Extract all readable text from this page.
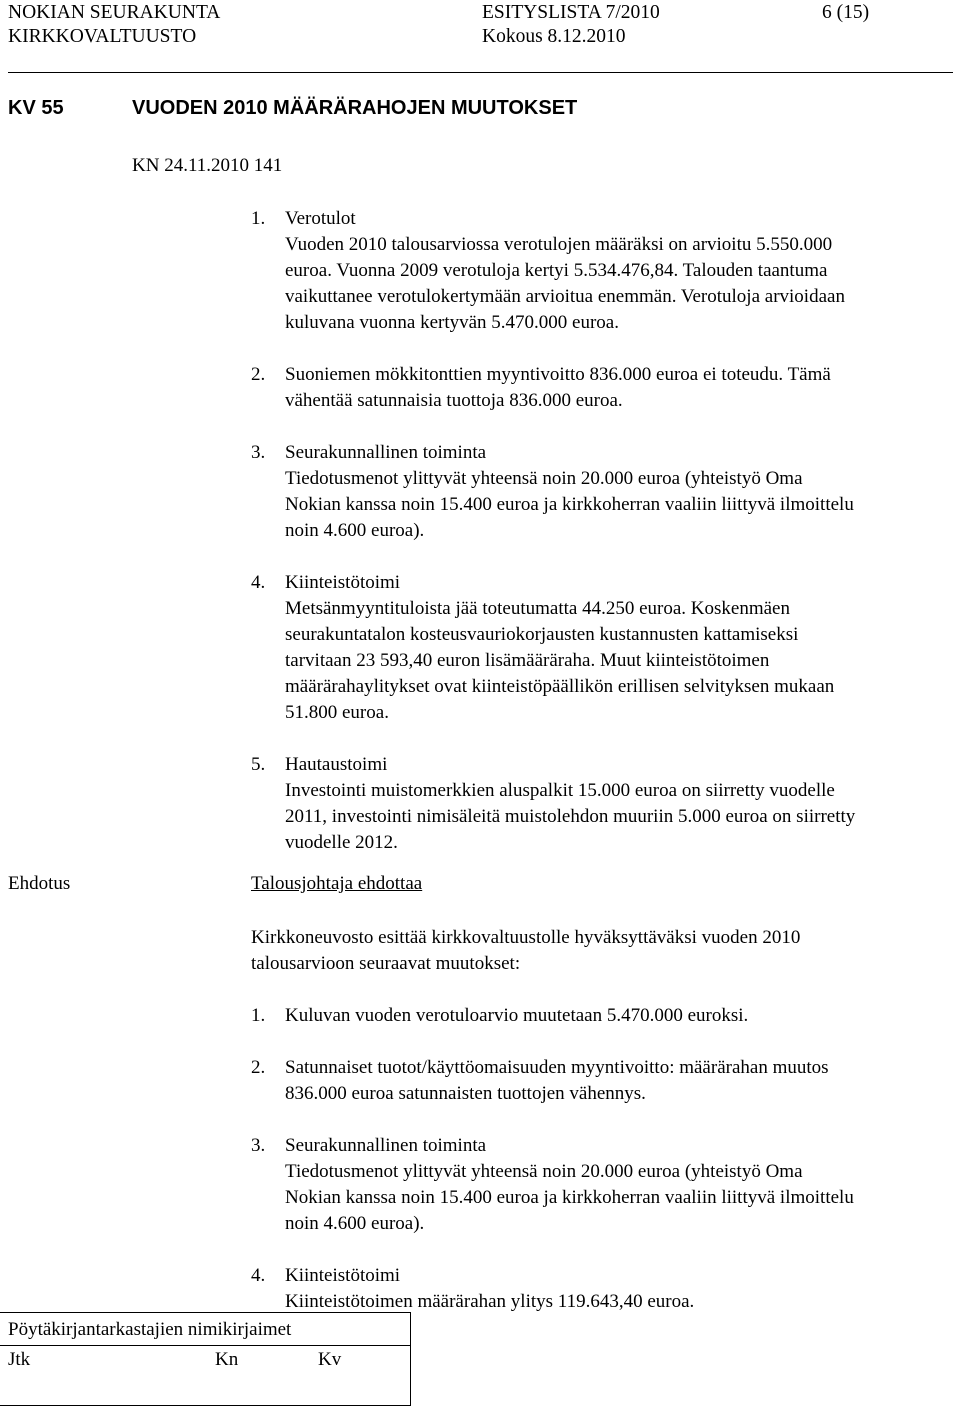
NOKIAN SEURAKUNTA
KIRKKOVALTUUSTO
ESITYSLISTA 7/2010
Kokous 8.12.2010
6 (15)
KV 55	VUODEN 2010 MÄÄRÄRAHOJEN MUUTOKSET
KN 24.11.2010 141
1. Verotulot

Vuoden 2010 talousarviossa verotulojen määräksi on arvioitu 5.550.000

euroa. Vuonna 2009 verotuloja kertyi 5.534.476,84. Talouden taantuma

vaikuttanee verotulokertymään arvioitua enemmän. Verotuloja arvioidaan

kuluvana vuonna kertyvän 5.470.000 euroa.

2. Suoniemen mökkitonttien myyntivoitto 836.000 euroa ei toteudu. Tämä

vähentää satunnaisia tuottoja 836.000 euroa.

3. Seurakunnallinen toiminta

Tiedotusmenot ylittyvät yhteensä noin 20.000 euroa (yhteistyö Oma

Nokian kanssa noin 15.400 euroa ja kirkkoherran vaaliin liittyvä ilmoittelu

noin 4.600 euroa).

4. Kiinteistötoimi

Metsänmyyntituloista jää toteutumatta 44.250 euroa. Koskenmäen

seurakuntatalon kosteusvauriokorjausten kustannusten kattamiseksi

tarvitaan 23 593,40 euron lisämääräraha. Muut kiinteistötoimen

määrärahaylitykset ovat kiinteistöpäällikön erillisen selvityksen mukaan

51.800 euroa.

5. Hautaustoimi

Investointi muistomerkkien aluspalkit 15.000 euroa on siirretty vuodelle

2011, investointi nimisäleitä muistolehdon muuriin 5.000 euroa on siirretty

vuodelle 2012.

Ehdotus	Talousjohtaja ehdottaa

Kirkkoneuvosto esittää kirkkovaltuustolle hyväksyttäväksi vuoden 2010

talousarvioon seuraavat muutokset:

1. Kuluvan vuoden verotuloarvio muutetaan 5.470.000 euroksi.

2. Satunnaiset tuotot/käyttöomaisuuden myyntivoitto: määrärahan muutos

836.000 euroa satunnaisten tuottojen vähennys.

3. Seurakunnallinen toiminta

Tiedotusmenot ylittyvät yhteensä noin 20.000 euroa (yhteistyö Oma

Nokian kanssa noin 15.400 euroa ja kirkkoherran vaaliin liittyvä ilmoittelu

noin 4.600 euroa).

4. Kiinteistötoimi

Kiinteistötoimen määrärahan ylitys 119.643,40 euroa.

Pöytäkirjantarkastajien nimikirjaimet
Jtk	Kn	Kv
